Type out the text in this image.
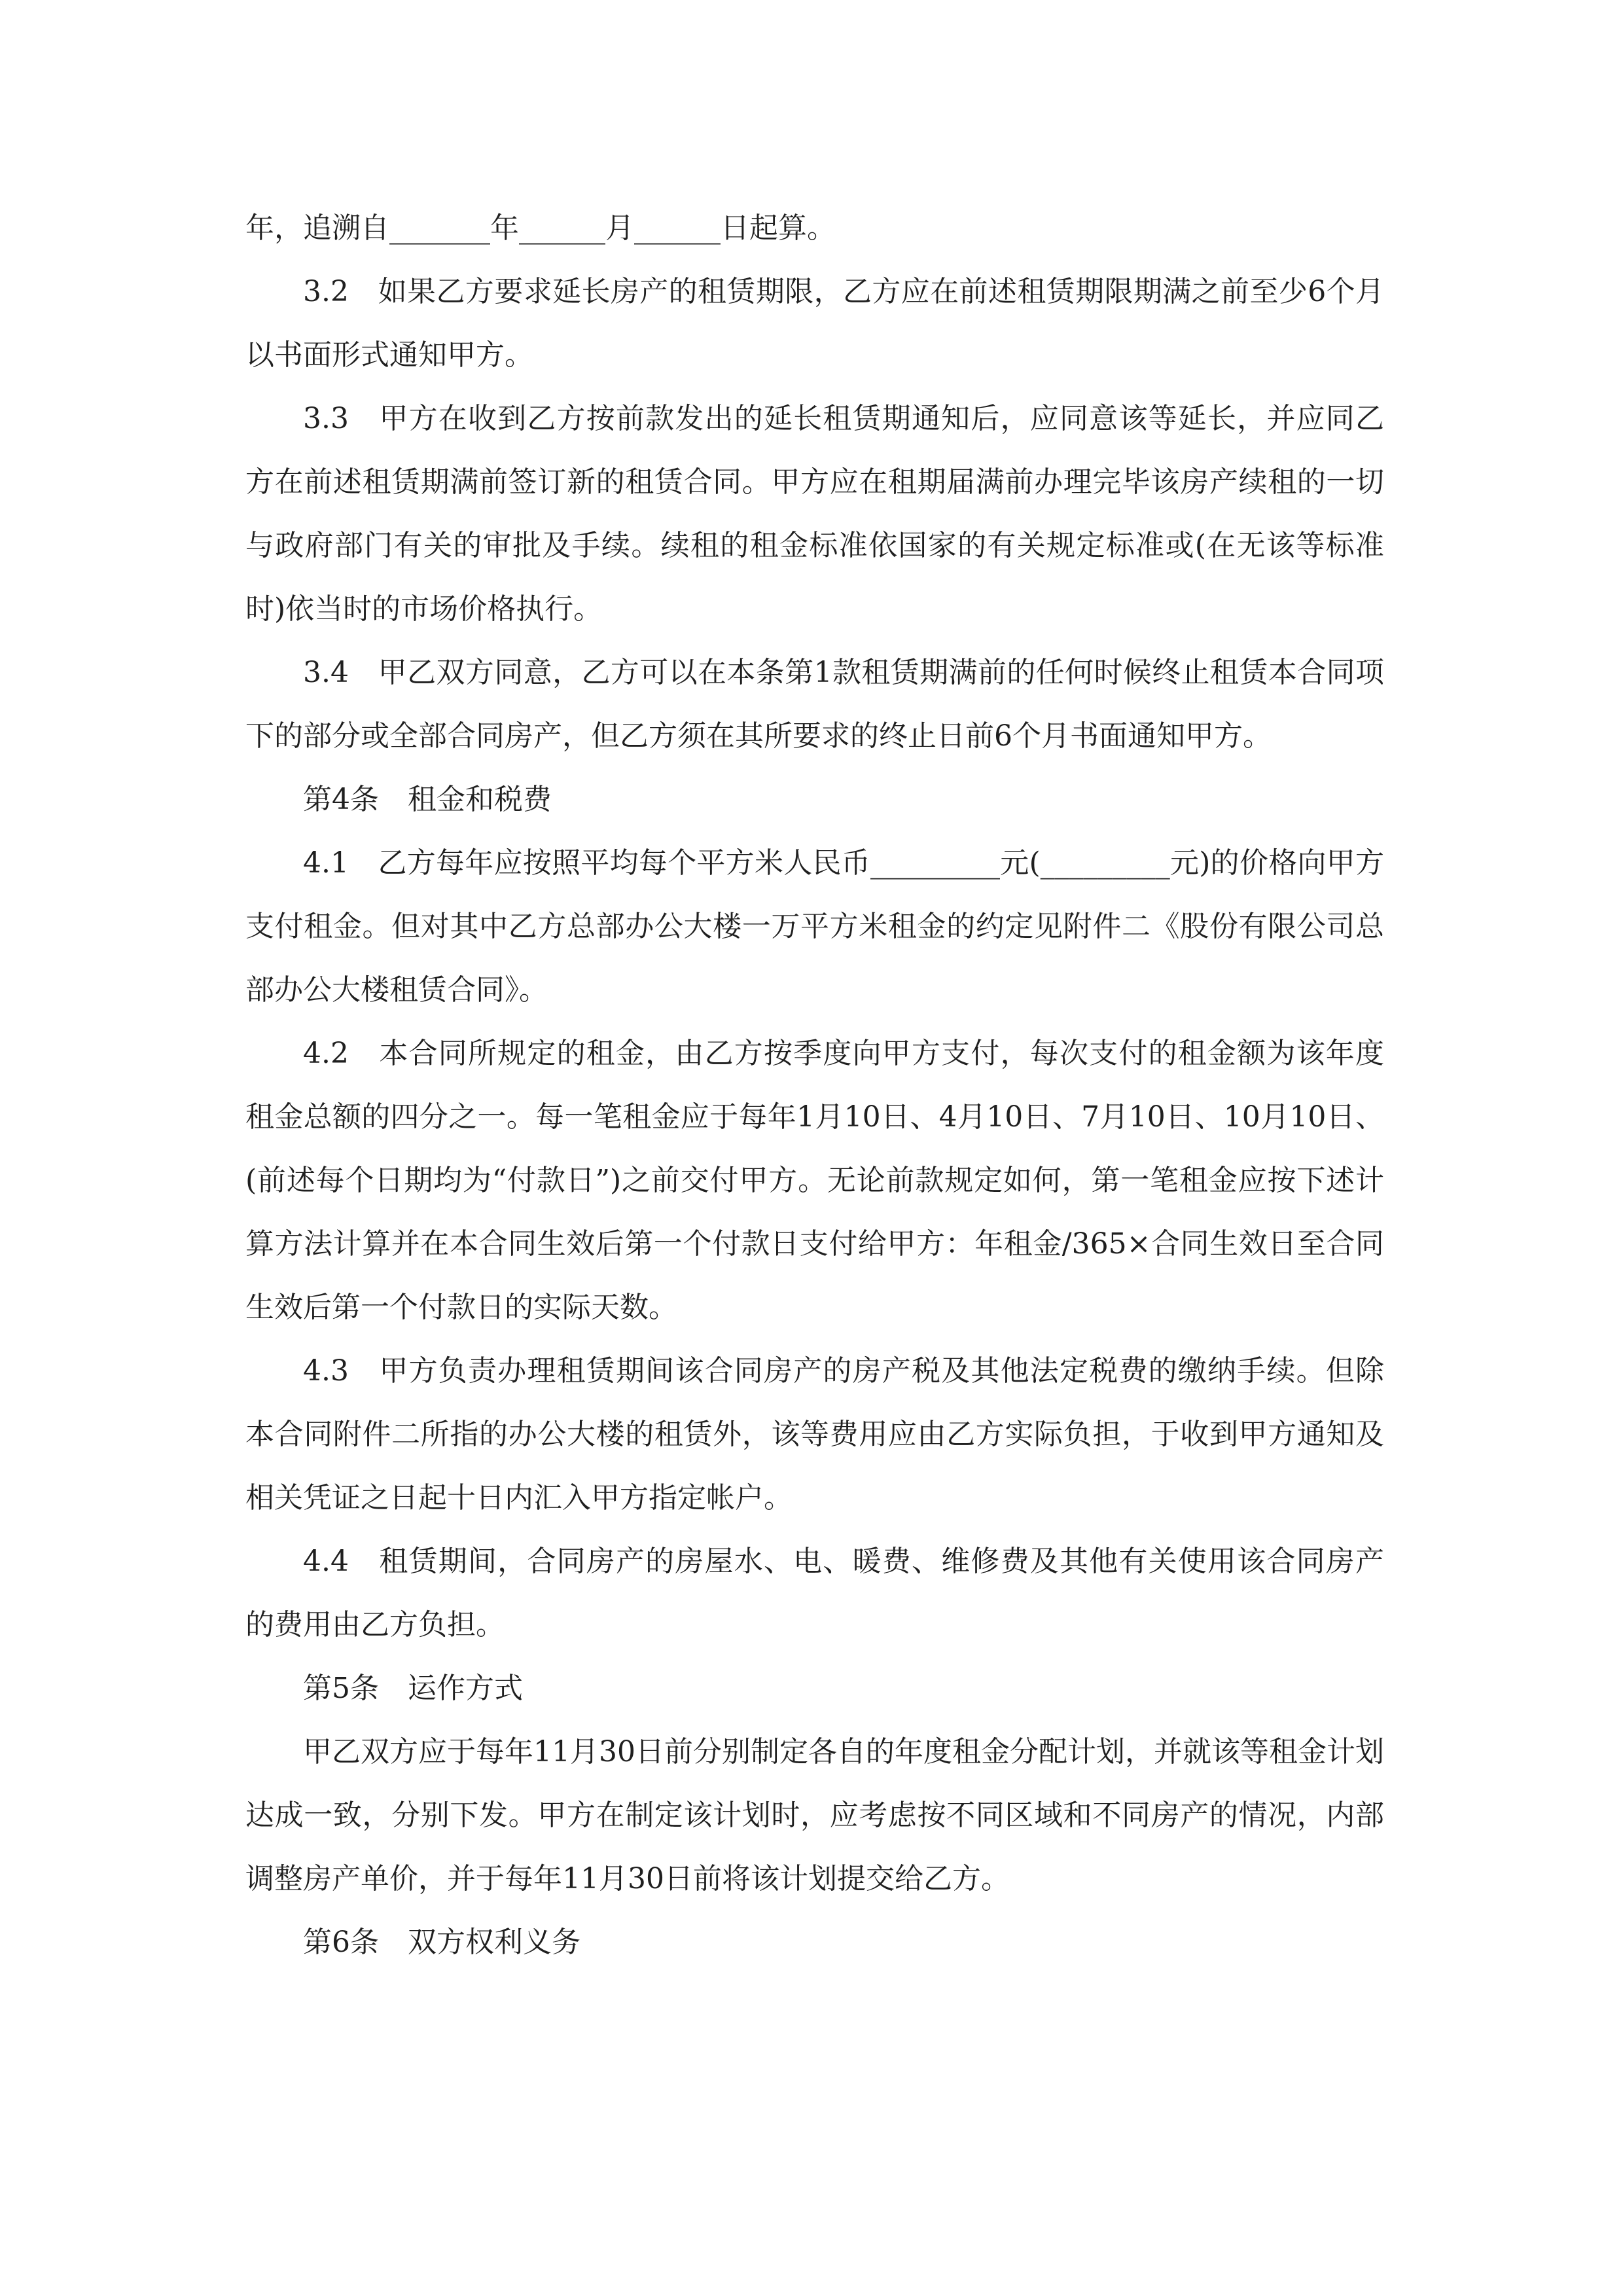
年，追溯自_______年______月______日起算。

3.2　如果乙方要求延长房产的租赁期限，乙方应在前述租赁期限期满之前至少6个月以书面形式通知甲方。

3.3　甲方在收到乙方按前款发出的延长租赁期通知后，应同意该等延长，并应同乙方在前述租赁期满前签订新的租赁合同。甲方应在租期届满前办理完毕该房产续租的一切与政府部门有关的审批及手续。续租的租金标准依国家的有关规定标准或(在无该等标准时)依当时的市场价格执行。

3.4　甲乙双方同意，乙方可以在本条第1款租赁期满前的任何时候终止租赁本合同项下的部分或全部合同房产，但乙方须在其所要求的终止日前6个月书面通知甲方。

第4条　租金和税费

4.1　乙方每年应按照平均每个平方米人民币_________元(_________元)的价格向甲方支付租金。但对其中乙方总部办公大楼一万平方米租金的约定见附件二《股份有限公司总部办公大楼租赁合同》。

4.2　本合同所规定的租金，由乙方按季度向甲方支付，每次支付的租金额为该年度租金总额的四分之一。每一笔租金应于每年1月10日、4月10日、7月10日、10月10日、(前述每个日期均为“付款日”)之前交付甲方。无论前款规定如何，第一笔租金应按下述计算方法计算并在本合同生效后第一个付款日支付给甲方：年租金/365×合同生效日至合同生效后第一个付款日的实际天数。

4.3　甲方负责办理租赁期间该合同房产的房产税及其他法定税费的缴纳手续。但除本合同附件二所指的办公大楼的租赁外，该等费用应由乙方实际负担，于收到甲方通知及相关凭证之日起十日内汇入甲方指定帐户。

4.4　租赁期间，合同房产的房屋水、电、暖费、维修费及其他有关使用该合同房产的费用由乙方负担。

第5条　运作方式

甲乙双方应于每年11月30日前分别制定各自的年度租金分配计划，并就该等租金计划达成一致，分别下发。甲方在制定该计划时，应考虑按不同区域和不同房产的情况，内部调整房产单价，并于每年11月30日前将该计划提交给乙方。

第6条　双方权利义务
